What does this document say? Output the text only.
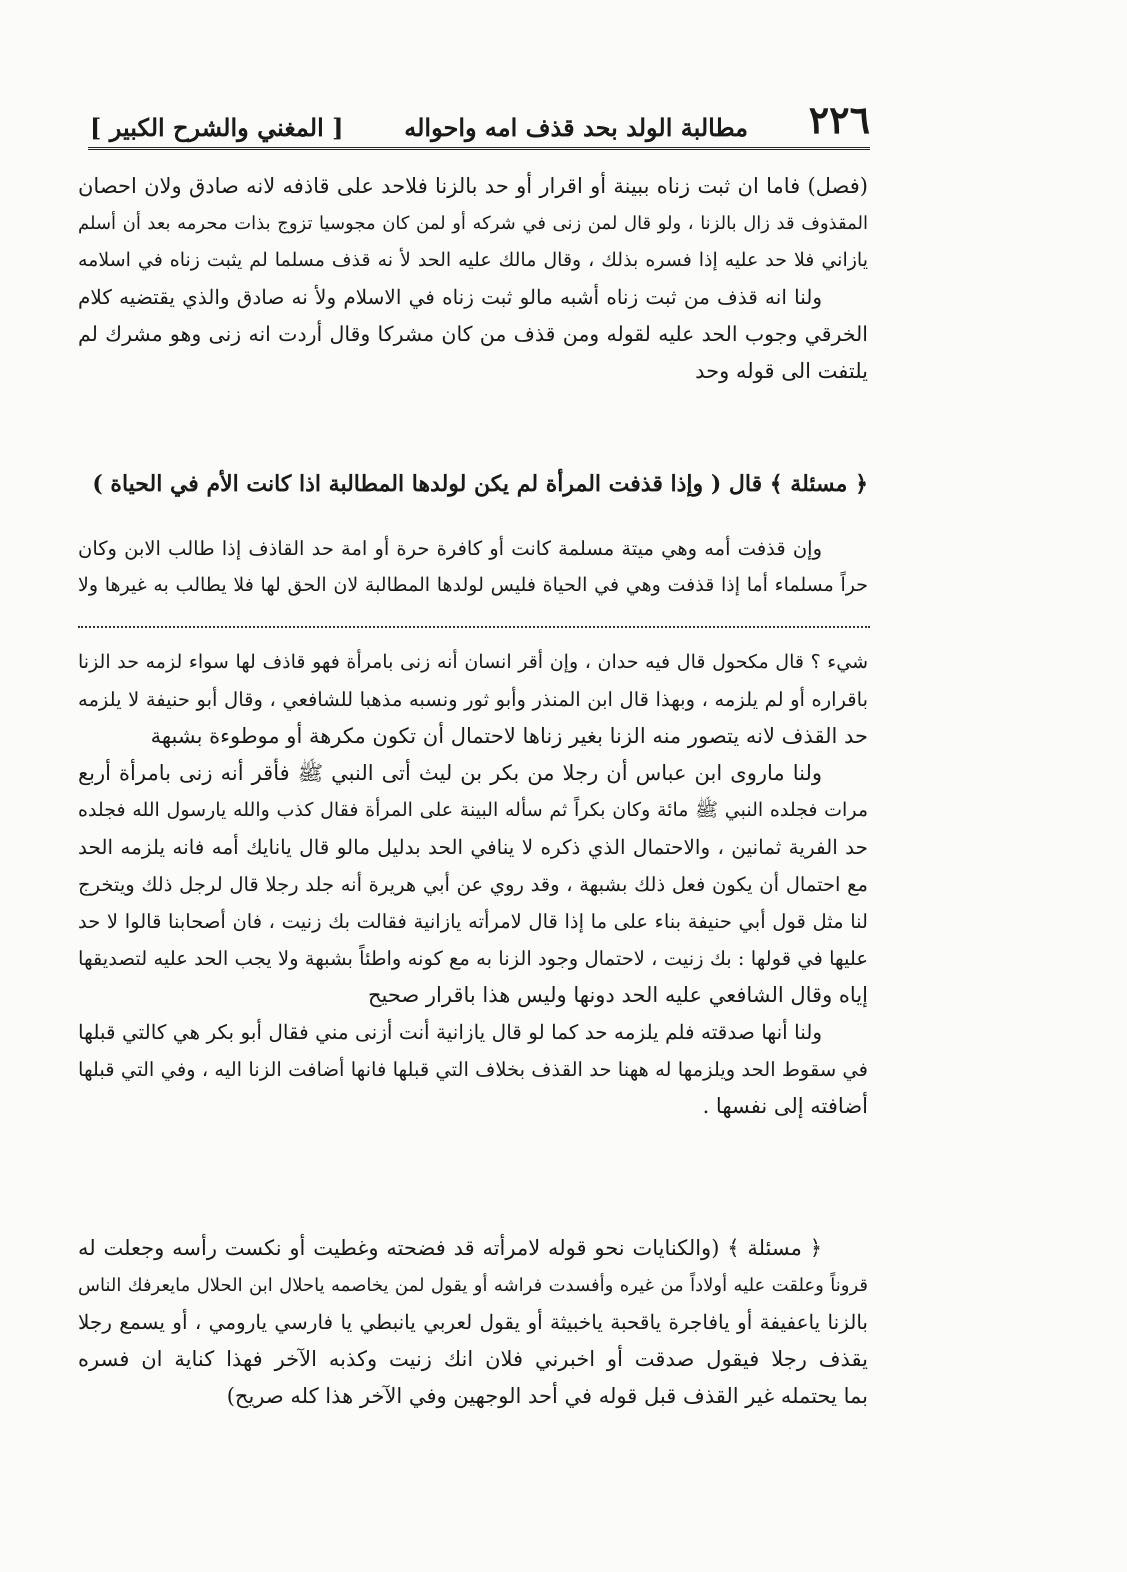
٢٢٦
مطالبة الولد بحد قذف امه واحواله
[ المغني والشرح الكبير ]
(فصل) فاما ان ثبت زناه ببينة أو اقرار أو حد بالزنا فلاحد على قاذفه لانه صادق ولان احصان
المقذوف قد زال بالزنا ، ولو قال لمن زنى في شركه أو لمن كان مجوسيا تزوج بذات محرمه بعد أن أسلم
يازاني فلا حد عليه إذا فسره بذلك ، وقال مالك عليه الحد لأ نه قذف مسلما لم يثبت زناه في اسلامه
ولنا انه قذف من ثبت زناه أشبه مالو ثبت زناه في الاسلام ولأ نه صادق والذي يقتضيه كلام
الخرقي وجوب الحد عليه لقوله ومن قذف من كان مشركا وقال أردت انه زنى وهو مشرك لم
يلتفت الى قوله وحد
﴿ مسئلة ﴾ قال ( وإذا قذفت المرأة لم يكن لولدها المطالبة اذا كانت الأم في الحياة )
وإن قذفت أمه وهي ميتة مسلمة كانت أو كافرة حرة أو امة حد القاذف إذا طالب الابن وكان
حراً مسلماء أما إذا قذفت وهي في الحياة فليس لولدها المطالبة لان الحق لها فلا يطالب به غيرها ولا
شيء ؟ قال مكحول قال فيه حدان ، وإن أقر انسان أنه زنى بامرأة فهو قاذف لها سواء لزمه حد الزنا
باقراره أو لم يلزمه ، وبهذا قال ابن المنذر وأبو ثور ونسبه مذهبا للشافعي ، وقال أبو حنيفة لا يلزمه
حد القذف لانه يتصور منه الزنا بغير زناها لاحتمال أن تكون مكرهة أو موطوءة بشبهة
ولنا ماروى ابن عباس أن رجلا من بكر بن ليث أتى النبي ﷺ فأقر أنه زنى بامرأة أربع
مرات فجلده النبي ﷺ مائة وكان بكراً ثم سأله البينة على المرأة فقال كذب والله يارسول الله فجلده
حد الفرية ثمانين ، والاحتمال الذي ذكره لا ينافي الحد بدليل مالو قال يانايك أمه فانه يلزمه الحد
مع احتمال أن يكون فعل ذلك بشبهة ، وقد روي عن أبي هريرة أنه جلد رجلا قال لرجل ذلك ويتخرج
لنا مثل قول أبي حنيفة بناء على ما إذا قال لامرأته يازانية فقالت بك زنيت ، فان أصحابنا قالوا لا حد
عليها في قولها : بك زنيت ، لاحتمال وجود الزنا به مع كونه واطئاً بشبهة ولا يجب الحد عليه لتصديقها
إياه وقال الشافعي عليه الحد دونها وليس هذا باقرار صحيح
ولنا أنها صدقته فلم يلزمه حد كما لو قال يازانية أنت أزنى مني فقال أبو بكر هي كالتي قبلها
في سقوط الحد ويلزمها له ههنا حد القذف بخلاف التي قبلها فانها أضافت الزنا اليه ، وفي التي قبلها
أضافته إلى نفسها .
﴿ مسئلة ﴾ (والكنايات نحو قوله لامرأته قد فضحته وغطيت أو نكست رأسه وجعلت له
قروناً وعلقت عليه أولاداً من غيره وأفسدت فراشه أو يقول لمن يخاصمه ياحلال ابن الحلال مايعرفك الناس
بالزنا ياعفيفة أو يافاجرة ياقحبة ياخبيثة أو يقول لعربي يانبطي يا فارسي يارومي ، أو يسمع رجلا
يقذف رجلا فيقول صدقت أو اخبرني فلان انك زنيت وكذبه الآخر فهذا كناية ان فسره
بما يحتمله غير القذف قبل قوله في أحد الوجهين وفي الآخر هذا كله صريح)
